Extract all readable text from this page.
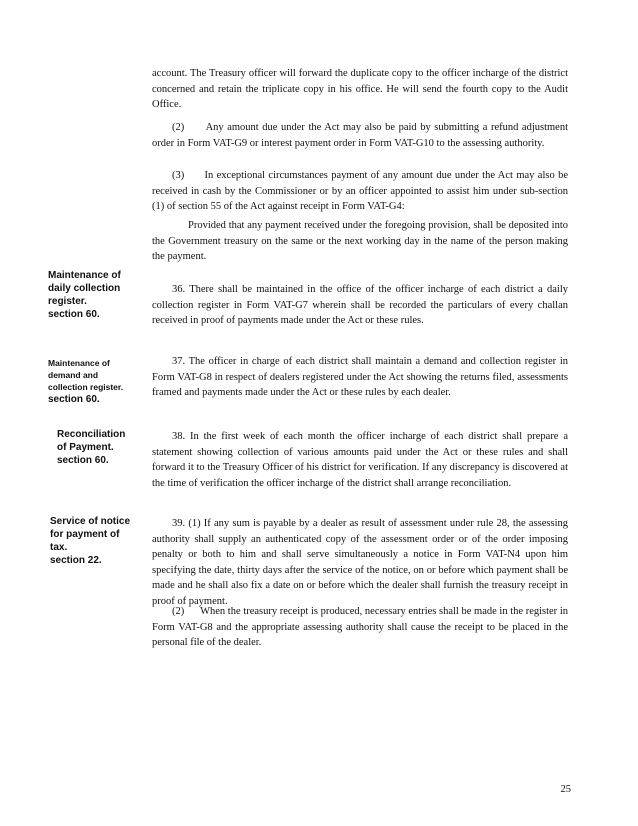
account. The Treasury officer will forward the duplicate copy to the officer incharge of the district concerned and retain the triplicate copy in his office. He will send the fourth copy to the Audit Office.

(2)      Any amount due under the Act may also be paid by submitting a refund adjustment order in Form VAT-G9 or interest payment order in Form VAT-G10 to the assessing authority.

(3)      In exceptional circumstances payment of any amount due under the Act may also be received in cash by the Commissioner or by an officer appointed to assist him under sub-section (1) of section 55 of the Act against receipt in Form VAT-G4:

Provided that any payment received under the foregoing provision, shall be deposited into the Government treasury on the same or the next working day in the name of the person making the payment.

Maintenance of daily collection register.
section 60.

36. There shall be maintained in the office of the officer incharge of each district a daily collection register in Form VAT-G7 wherein shall be recorded the particulars of every challan received in proof of payments made under the Act or these rules.

Maintenance of demand and collection register.
section 60.

37. The officer in charge of each district shall maintain a demand and collection register in Form VAT-G8 in respect of dealers registered under the Act showing the returns filed, assessments framed and payments made under the Act or these rules by each dealer.

Reconciliation of Payment.
section 60.

38. In the first week of each month the officer incharge of each district shall prepare a statement showing collection of various amounts paid under the Act or these rules and shall forward it to the Treasury Officer of his district for verification. If any discrepancy is discovered at the time of verification the officer incharge of the district shall arrange reconciliation.

Service of notice for payment of tax.
section 22.

39. (1) If any sum is payable by a dealer as result of assessment under rule 28, the assessing authority shall supply an authenticated copy of the assessment order or of the order imposing penalty or both to him and shall serve simultaneously a notice in Form VAT-N4 upon him specifying the date, thirty days after the service of the notice, on or before which payment shall be made and he shall also fix a date on or before which the dealer shall furnish the treasury receipt in proof of payment.

(2)      When the treasury receipt is produced, necessary entries shall be made in the register in Form VAT-G8 and the appropriate assessing authority shall cause the receipt to be placed in the personal file of the dealer.

25
